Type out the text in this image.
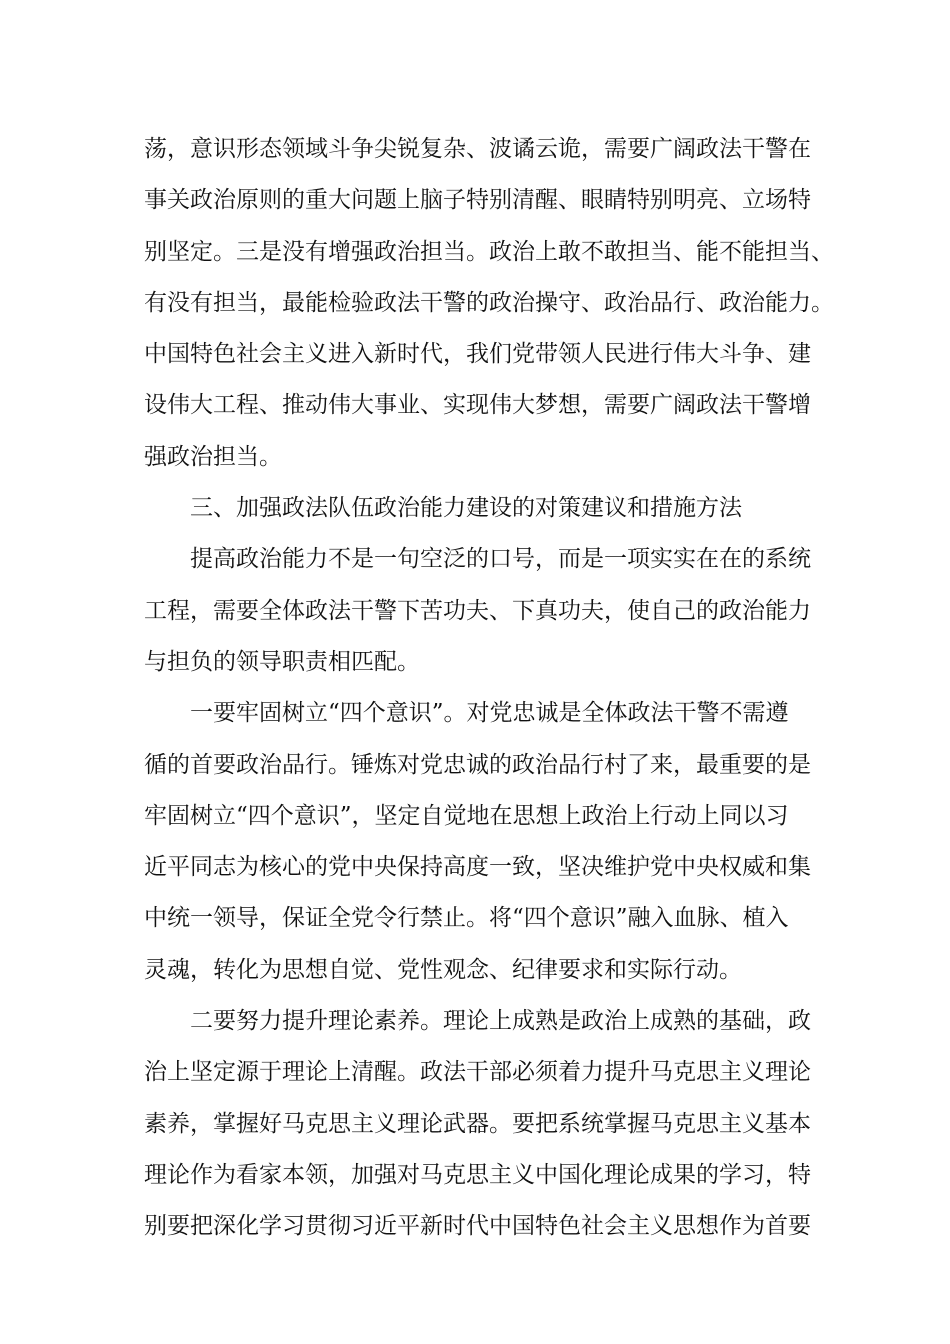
荡，意识形态领域斗争尖锐复杂、波谲云诡，需要广阔政法干警在
事关政治原则的重大问题上脑子特别清醒、眼睛特别明亮、立场特
别坚定。三是没有增强政治担当。政治上敢不敢担当、能不能担当、
有没有担当，最能检验政法干警的政治操守、政治品行、政治能力。
中国特色社会主义进入新时代，我们党带领人民进行伟大斗争、建
设伟大工程、推动伟大事业、实现伟大梦想，需要广阔政法干警增
强政治担当。
三、加强政法队伍政治能力建设的对策建议和措施方法
提高政治能力不是一句空泛的口号，而是一项实实在在的系统
工程，需要全体政法干警下苦功夫、下真功夫，使自己的政治能力
与担负的领导职责相匹配。
一要牢固树立“四个意识”。对党忠诚是全体政法干警不需遵
循的首要政治品行。锤炼对党忠诚的政治品行村了来，最重要的是
牢固树立“四个意识”，坚定自觉地在思想上政治上行动上同以习
近平同志为核心的党中央保持高度一致，坚决维护党中央权威和集
中统一领导，保证全党令行禁止。将“四个意识”融入血脉、植入
灵魂，转化为思想自觉、党性观念、纪律要求和实际行动。
二要努力提升理论素养。理论上成熟是政治上成熟的基础，政
治上坚定源于理论上清醒。政法干部必须着力提升马克思主义理论
素养，掌握好马克思主义理论武器。要把系统掌握马克思主义基本
理论作为看家本领，加强对马克思主义中国化理论成果的学习，特
别要把深化学习贯彻习近平新时代中国特色社会主义思想作为首要
